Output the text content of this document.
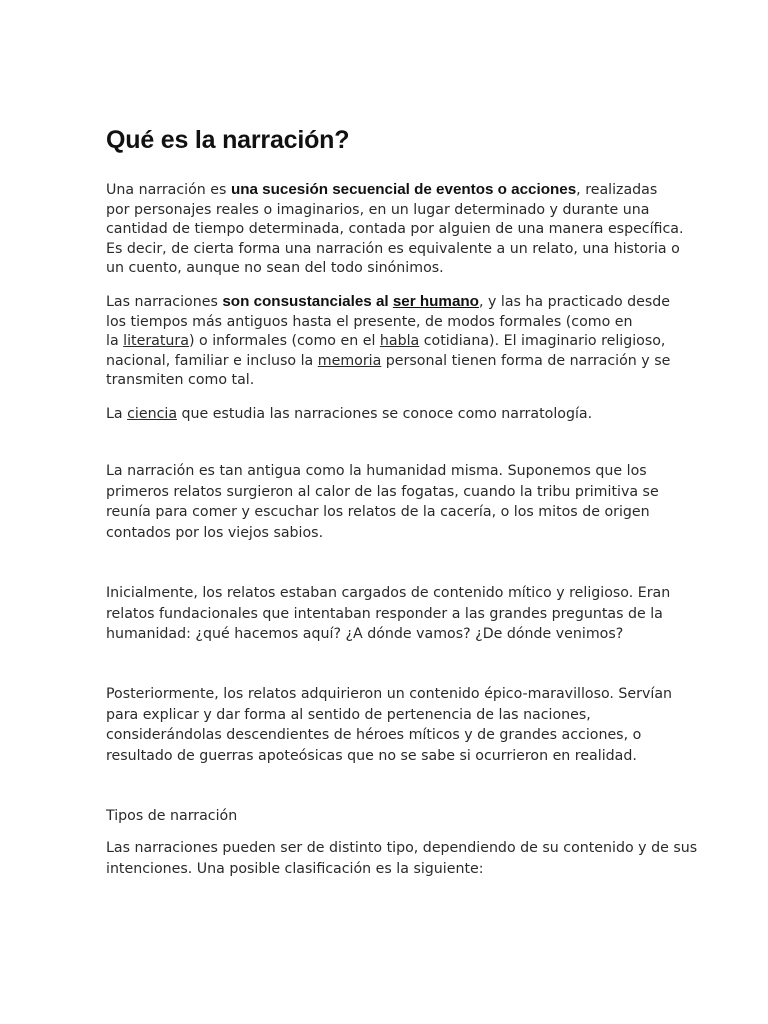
Qué es la narración?

Una narración es una sucesión secuencial de eventos o acciones, realizadas
por personajes reales o imaginarios, en un lugar determinado y durante una
cantidad de tiempo determinada, contada por alguien de una manera específica.
Es decir, de cierta forma una narración es equivalente a un relato, una historia o
un cuento, aunque no sean del todo sinónimos.

Las narraciones son consustanciales al ser humano, y las ha practicado desde
los tiempos más antiguos hasta el presente, de modos formales (como en
la literatura) o informales (como en el habla cotidiana). El imaginario religioso,
nacional, familiar e incluso la memoria personal tienen forma de narración y se
transmiten como tal.

La ciencia que estudia las narraciones se conoce como narratología.

La narración es tan antigua como la humanidad misma. Suponemos que los
primeros relatos surgieron al calor de las fogatas, cuando la tribu primitiva se
reunía para comer y escuchar los relatos de la cacería, o los mitos de origen
contados por los viejos sabios.

Inicialmente, los relatos estaban cargados de contenido mítico y religioso. Eran
relatos fundacionales que intentaban responder a las grandes preguntas de la
humanidad: ¿qué hacemos aquí? ¿A dónde vamos? ¿De dónde venimos?

Posteriormente, los relatos adquirieron un contenido épico-maravilloso. Servían
para explicar y dar forma al sentido de pertenencia de las naciones,
considerándolas descendientes de héroes míticos y de grandes acciones, o
resultado de guerras apoteósicas que no se sabe si ocurrieron en realidad.

Tipos de narración

Las narraciones pueden ser de distinto tipo, dependiendo de su contenido y de sus
intenciones. Una posible clasificación es la siguiente:
